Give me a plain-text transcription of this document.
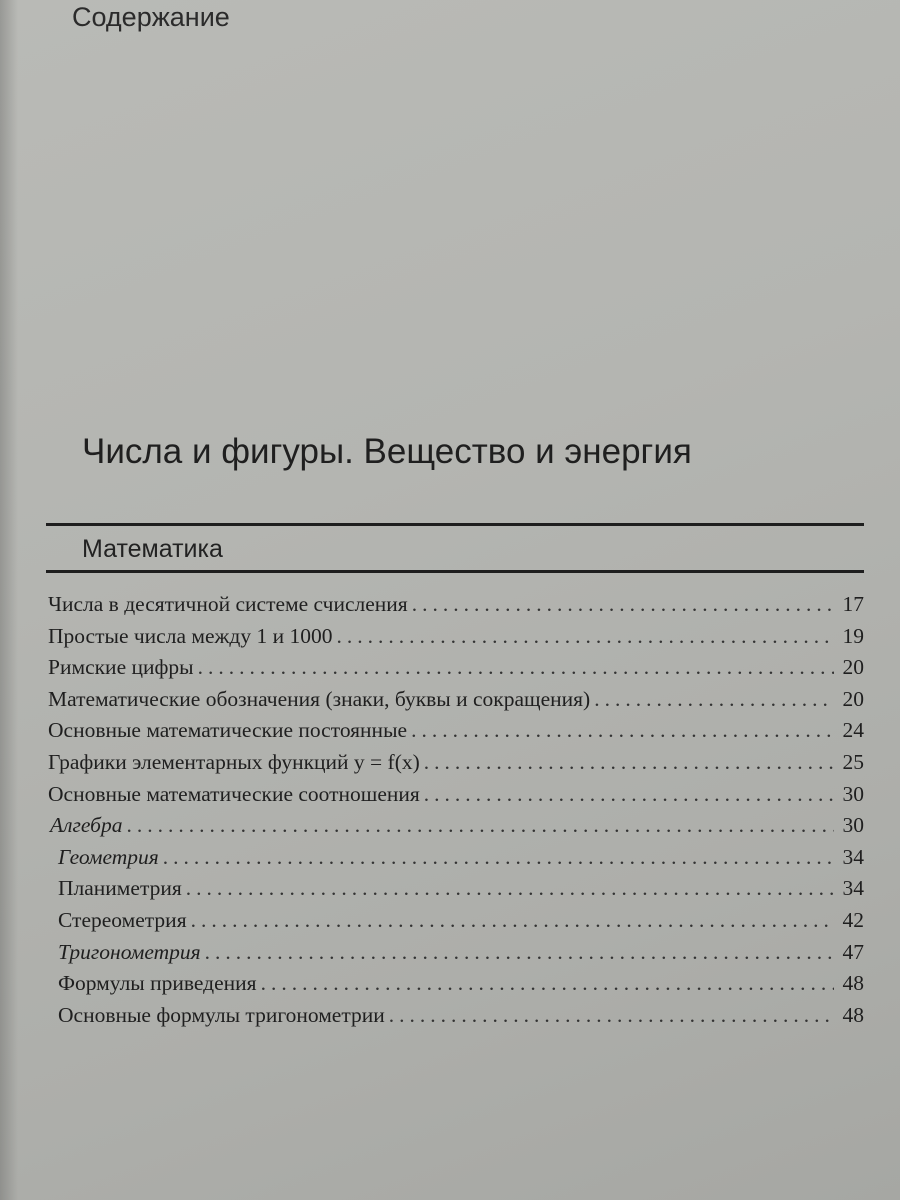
Содержание
Числа и фигуры. Вещество и энергия
Математика
Числа в десятичной системе счисления .....	17
Простые числа между 1 и 1000 .....	19
Римские цифры .....	20
Математические обозначения (знаки, буквы и сокращения) .....	20
Основные математические постоянные .....	24
Графики элементарных функций y = f(x) .....	25
Основные математические соотношения .....	30
Алгебра .....	30
Геометрия .....	34
Планиметрия .....	34
Стереометрия .....	42
Тригонометрия .....	47
Формулы приведения .....	48
Основные формулы тригонометрии .....	48
